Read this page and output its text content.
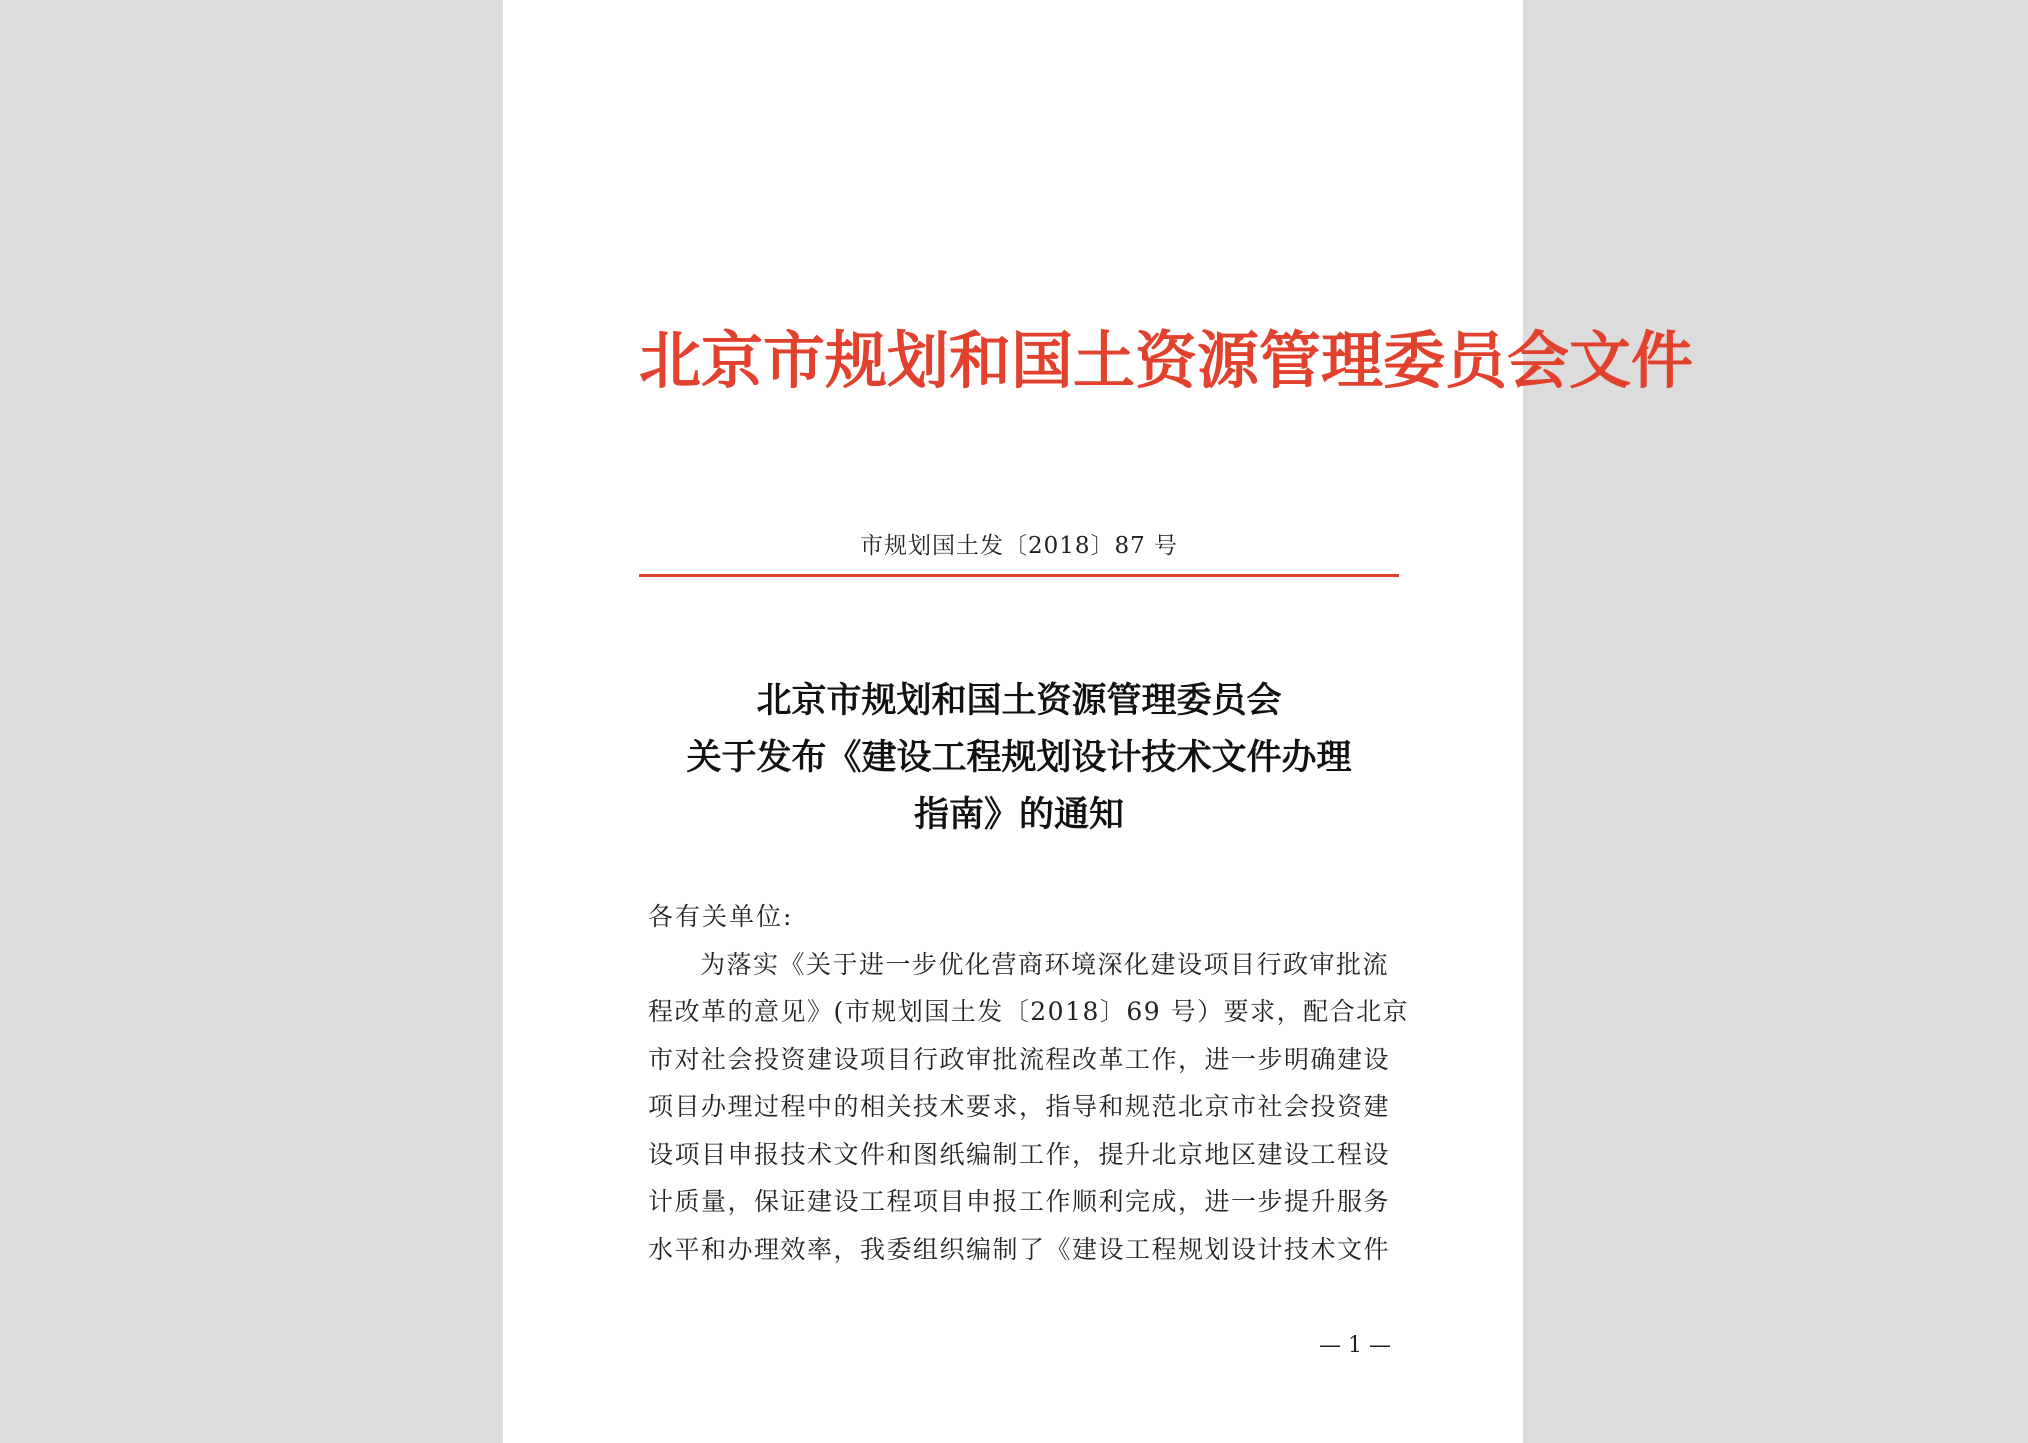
北京市规划和国土资源管理委员会文件
市规划国土发〔2018〕87 号
北京市规划和国土资源管理委员会
关于发布《建设工程规划设计技术文件办理
指南》的通知
各有关单位:
为落实《关于进一步优化营商环境深化建设项目行政审批流
程改革的意见》(市规划国土发〔2018〕69 号）要求，配合北京
市对社会投资建设项目行政审批流程改革工作，进一步明确建设
项目办理过程中的相关技术要求，指导和规范北京市社会投资建
设项目申报技术文件和图纸编制工作，提升北京地区建设工程设
计质量，保证建设工程项目申报工作顺利完成，进一步提升服务
水平和办理效率，我委组织编制了《建设工程规划设计技术文件
— 1 —
